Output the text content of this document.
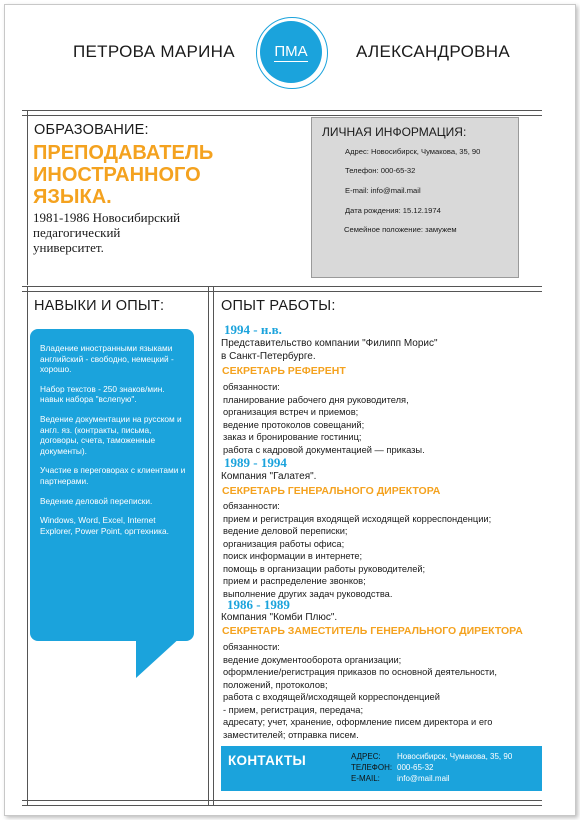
ПЕТРОВА МАРИНА	ПМА	АЛЕКСАНДРОВНА
ОБРАЗОВАНИЕ:
ПРЕПОДАВАТЕЛЬ
ИНОСТРАННОГО
ЯЗЫКА.
1981-1986 Новосибирский
педагогический
университет.
ЛИЧНАЯ ИНФОРМАЦИЯ:
Адрес: Новосибирск, Чумакова, 35, 90
Телефон: 000-65-32
E-mail: info@mail.mail
Дата рождения: 15.12.1974
Семейное положение: замужем
НАВЫКИ И ОПЫТ:

Владение иностранными языками английский - свободно, немецкий - хорошо.

Набор текстов - 250 знаков/мин. навык набора "вслепую".

Ведение документации на русском и англ. яз. (контракты, письма, договоры, счета, таможенные документы).

Участие в переговорах с клиентами и партнерами.

Ведение деловой переписки.

Windows, Word, Excel, Internet Explorer, Power Point, оргтехника.

ОПЫТ РАБОТЫ:
1994 - н.в.
Представительство компании "Филипп Морис"
в Санкт-Петербурге.
СЕКРЕТАРЬ РЕФЕРЕНТ
обязанности:
планирование рабочего дня руководителя,
организация встреч и приемов;
ведение протоколов совещаний;
заказ и бронирование гостиниц;
работа с кадровой документацией — приказы.
1989 - 1994
Компания "Галатея".
СЕКРЕТАРЬ ГЕНЕРАЛЬНОГО ДИРЕКТОРА
обязанности:
прием и регистрация входящей исходящей корреспонденции;
ведение деловой переписки;
организация работы офиса;
поиск информации в интернете;
помощь в организации работы руководителей;
прием и распределение звонков;
выполнение других задач руководства.
1986 - 1989
Компания "Комби Плюс".
СЕКРЕТАРЬ ЗАМЕСТИТЕЛЬ ГЕНЕРАЛЬНОГО ДИРЕКТОРА
обязанности:
ведение документооборота организации;
оформление/регистрация приказов по основной деятельности,
положений, протоколов;
работа с входящей/исходящей корреспонденцией
- прием, регистрация, передача;
адресату; учет, хранение, оформление писем директора и его
заместителей; отправка писем.
КОНТАКТЫ	АДРЕС: Новосибирск, Чумакова, 35, 90
ТЕЛЕФОН: 000-65-32
E-MAIL: info@mail.mail
